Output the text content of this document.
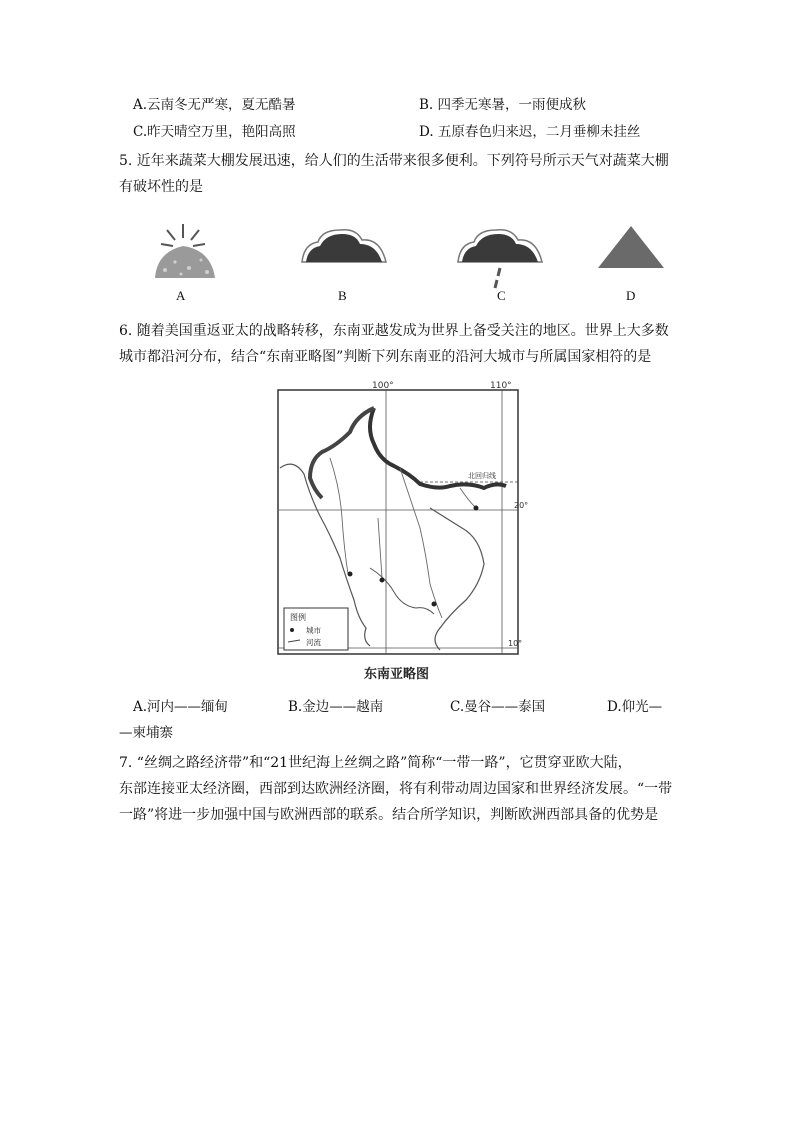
A.云南冬无严寒，夏无酷暑	B. 四季无寒暑，一雨便成秋
C.昨天晴空万里，艳阳高照	D. 五原春色归来迟，二月垂柳未挂丝
5. 近年来蔬菜大棚发展迅速，给人们的生活带来很多便利。下列符号所示天气对蔬菜大棚
有破坏性的是
A	B	C	D
6. 随着美国重返亚太的战略转移，东南亚越发成为世界上备受关注的地区。世界上大多数
城市都沿河分布，结合“东南亚略图”判断下列东南亚的沿河大城市与所属国家相符的是
100°	110°
20°
10°
北回归线
图例
城市
河流
东南亚略图
A.河内——缅甸	B.金边——越南	C.曼谷——泰国	D.仰光—
—柬埔寨
7. “丝绸之路经济带”和“21世纪海上丝绸之路”简称“一带一路”，它贯穿亚欧大陆，
东部连接亚太经济圈，西部到达欧洲经济圈，将有利带动周边国家和世界经济发展。“一带
一路”将进一步加强中国与欧洲西部的联系。结合所学知识，判断欧洲西部具备的优势是
